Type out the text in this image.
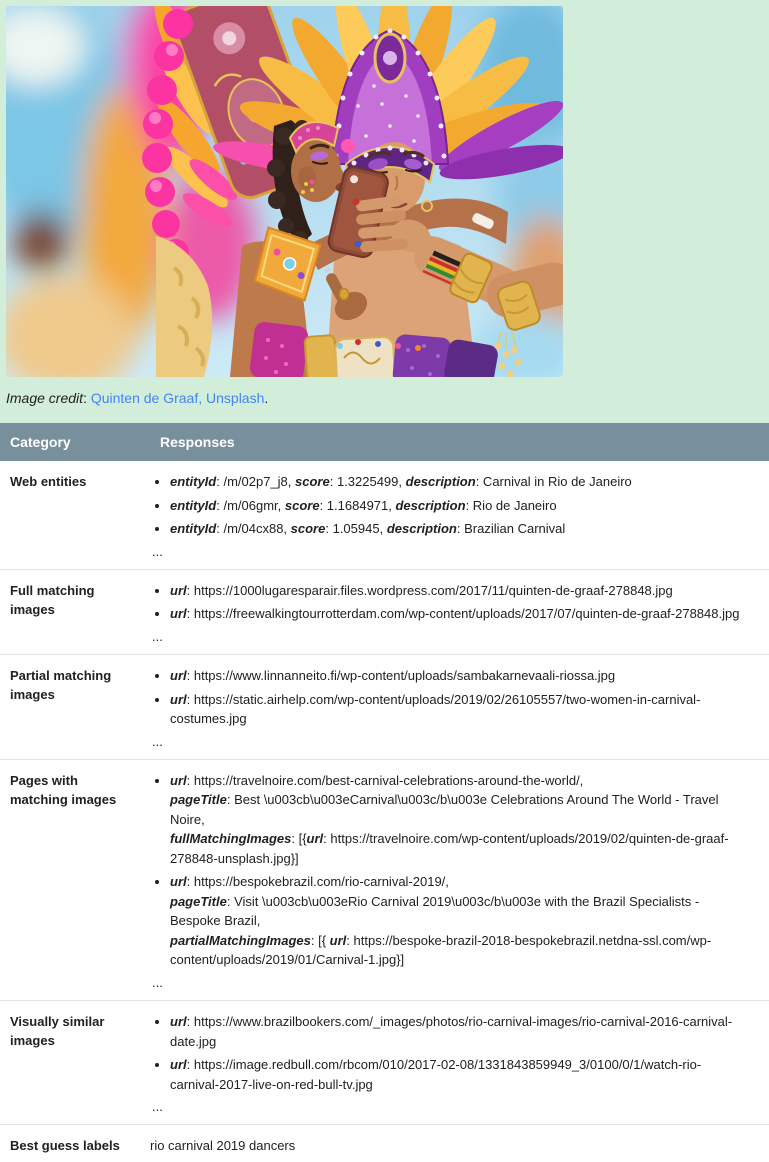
Image credit: Quinten de Graaf, Unsplash.

Category	Responses
Web entities	
•entityId: /m/02p7_j8, score: 1.3225499, description: Carnival in Rio de Janeiro
• entityId: /m/06gmr, score: 1.1684971, description: Rio de Janeiro
• entityId: /m/04cx88, score: 1.05945, description: Brazilian Carnival
...

Full matching images	
• url: https://1000lugaresparair.files.wordpress.com/2017/11/quinten-de-graaf-278848.jpg
• url: https://freewalkingtourrotterdam.com/wp-content/uploads/2017/07/quinten-de-graaf-278848.jpg
...

Partial matching images	
• url: https://www.linnanneito.fi/wp-content/uploads/sambakarnevaali-riossa.jpg
• url: https://static.airhelp.com/wp-content/uploads/2019/02/26105557/two-women-in-carnival-costumes.jpg
...

Pages with matching images	
• url: https://travelnoire.com/best-carnival-celebrations-around-the-world/,
pageTitle: Best \u003cb\u003eCarnival\u003c/b\u003e Celebrations Around The World - Travel Noire,
fullMatchingImages: [{url: https://travelnoire.com/wp-content/uploads/2019/02/quinten-de-graaf-278848-unsplash.jpg}]
• url: https://bespokebrazil.com/rio-carnival-2019/,
pageTitle: Visit \u003cb\u003eRio Carnival 2019\u003c/b\u003e with the Brazil Specialists - Bespoke Brazil,
partialMatchingImages: [{ url: https://bespoke-brazil-2018-bespokebrazil.netdna-ssl.com/wp-content/uploads/2019/01/Carnival-1.jpg}]
...

Visually similar images	
• url: https://www.brazilbookers.com/_images/photos/rio-carnival-images/rio-carnival-2016-carnival-date.jpg
• url: https://image.redbull.com/rbcom/010/2017-02-08/1331843859949_3/0100/0/1/watch-rio-carnival-2017-live-on-red-bull-tv.jpg
...

Best guess labels	rio carnival 2019 dancers
